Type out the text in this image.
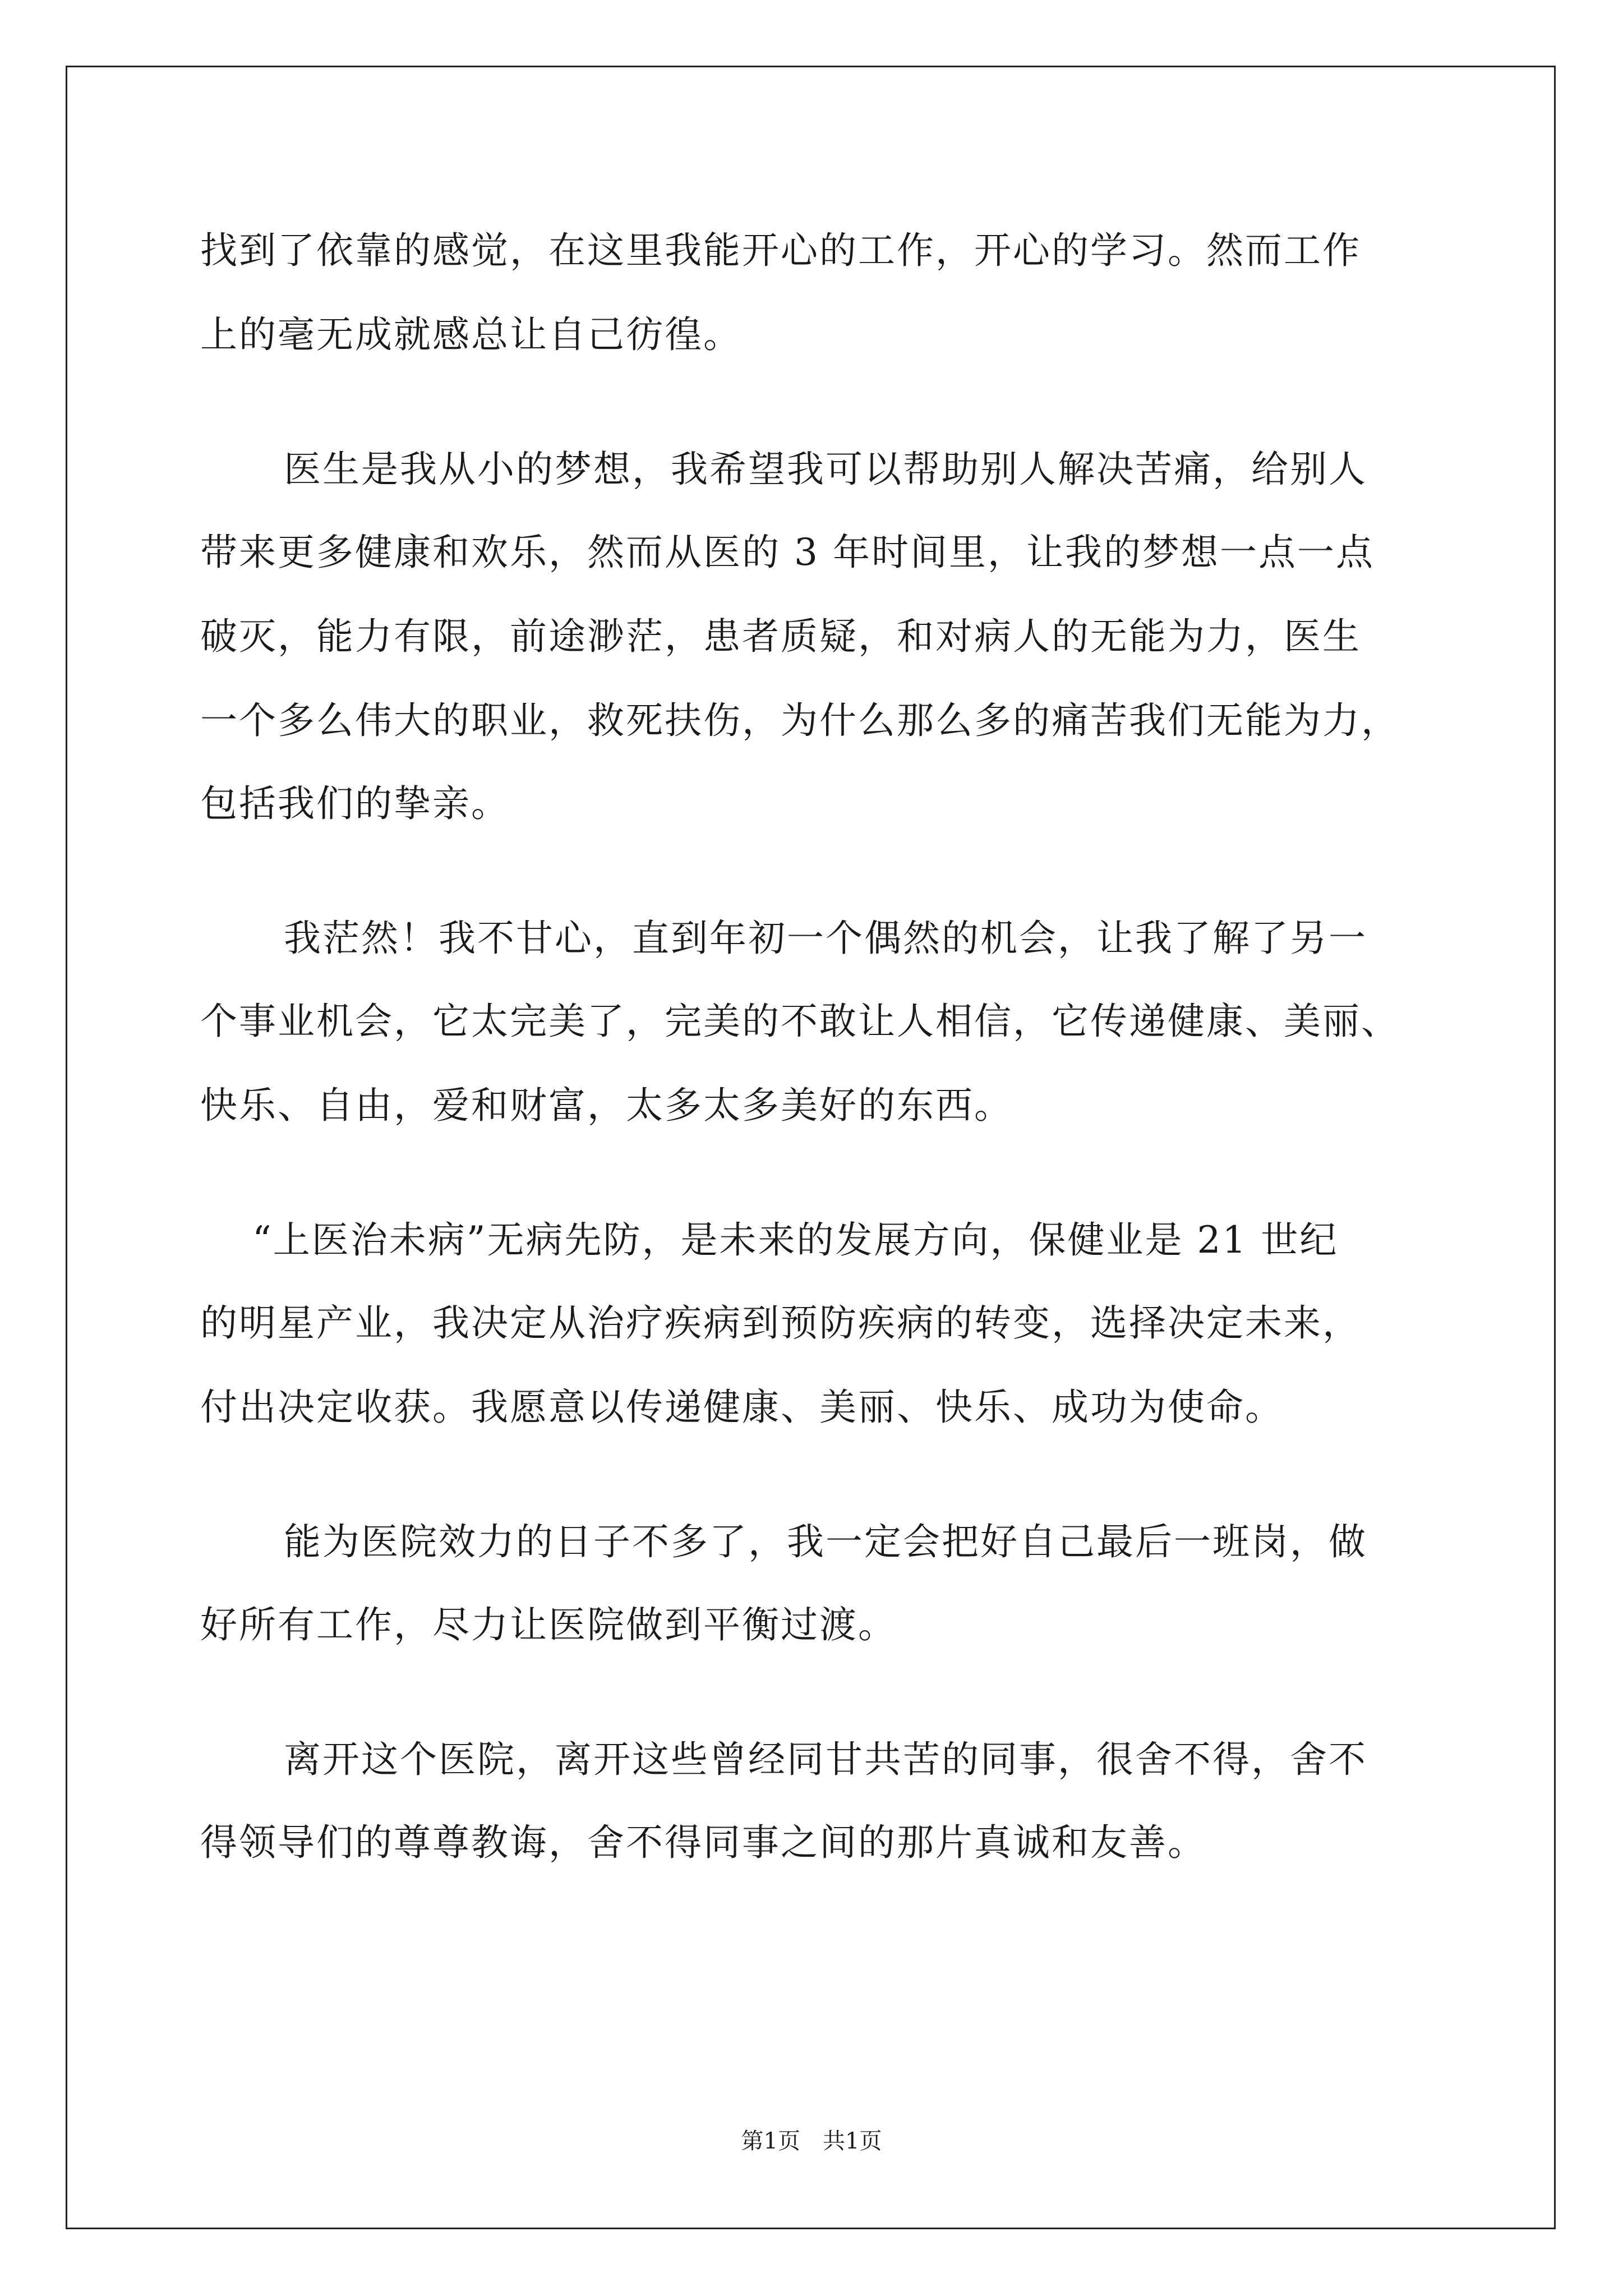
找到了依靠的感觉，在这里我能开心的工作，开心的学习。然而工作
上的毫无成就感总让自己彷徨。
医生是我从小的梦想，我希望我可以帮助别人解决苦痛，给别人
带来更多健康和欢乐，然而从医的 3 年时间里，让我的梦想一点一点
破灭，能力有限，前途渺茫，患者质疑，和对病人的无能为力，医生
一个多么伟大的职业，救死扶伤，为什么那么多的痛苦我们无能为力，
包括我们的挚亲。
我茫然！我不甘心，直到年初一个偶然的机会，让我了解了另一
个事业机会，它太完美了，完美的不敢让人相信，它传递健康、美丽、
快乐、自由，爱和财富，太多太多美好的东西。
“上医治未病”无病先防，是未来的发展方向，保健业是 21 世纪
的明星产业，我决定从治疗疾病到预防疾病的转变，选择决定未来，
付出决定收获。我愿意以传递健康、美丽、快乐、成功为使命。
能为医院效力的日子不多了，我一定会把好自己最后一班岗，做
好所有工作，尽力让医院做到平衡过渡。
离开这个医院，离开这些曾经同甘共苦的同事，很舍不得，舍不
得领导们的尊尊教诲，舍不得同事之间的那片真诚和友善。
第1页 共1页
